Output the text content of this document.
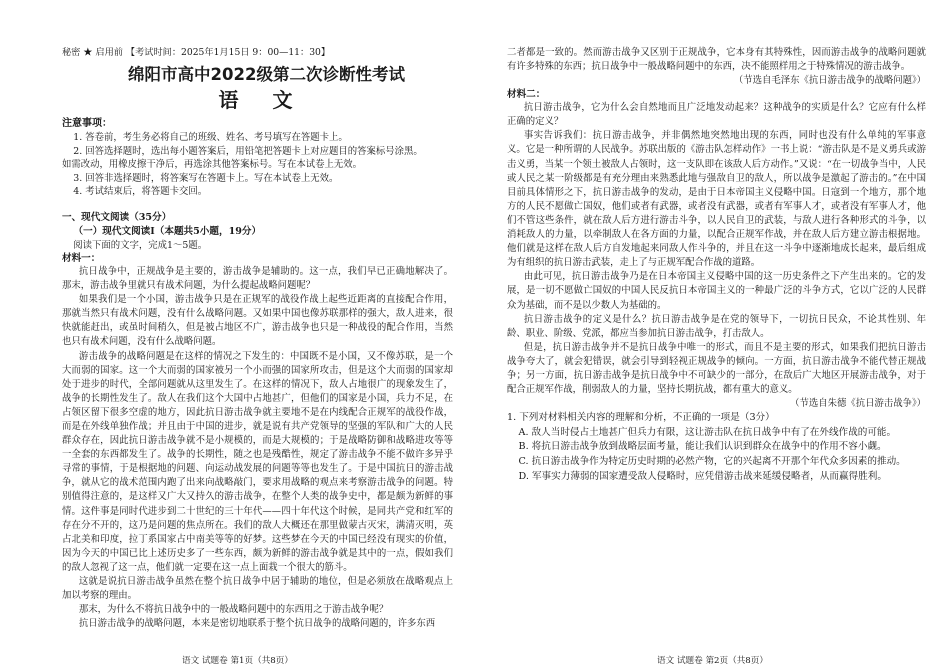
秘密 ★ 启用前 【考试时间：2025年1月15日 9：00—11：30】
绵阳市高中2022级第二次诊断性考试
语文
注意事项：

1. 答卷前，考生务必将自己的班级、姓名、考号填写在答题卡上。

2. 回答选择题时，选出每小题答案后，用铅笔把答题卡上对应题目的答案标号涂黑。

如需改动，用橡皮擦干净后，再选涂其他答案标号。写在本试卷上无效。

3. 回答非选择题时，将答案写在答题卡上。写在本试卷上无效。

4. 考试结束后，将答题卡交回。

一、现代文阅读（35分）
（一）现代文阅读Ⅰ（本题共5小题，19分）
阅读下面的文字，完成1～5题。
材料一：

抗日战争中，正规战争是主要的，游击战争是辅助的。这一点，我们早已正确地解决了。那末，游击战争里就只有战术问题，为什么提起战略问题呢？

如果我们是一个小国，游击战争只是在正规军的战役作战上起些近距离的直接配合作用，那就当然只有战术问题，没有什么战略问题。又如果中国也像苏联那样的强大，敌人进来，很快就能赶出，或虽时间稍久，但是被占地区不广，游击战争也只是一种战役的配合作用，当然也只有战术问题，没有什么战略问题。

游击战争的战略问题是在这样的情况之下发生的：中国既不是小国，又不像苏联，是一个大而弱的国家。这一个大而弱的国家被另一个小而强的国家所攻击，但是这个大而弱的国家却处于进步的时代，全部问题就从这里发生了。在这样的情况下，敌人占地很广的现象发生了，战争的长期性发生了。敌人在我们这个大国中占地甚广，但他们的国家是小国，兵力不足，在占领区留下很多空虚的地方，因此抗日游击战争就主要地不是在内线配合正规军的战役作战，而是在外线单独作战；并且由于中国的进步，就是说有共产党领导的坚强的军队和广大的人民群众存在，因此抗日游击战争就不是小规模的，而是大规模的；于是战略防御和战略进攻等等一全套的东西都发生了。战争的长期性，随之也是残酷性，规定了游击战争不能不做许多异乎寻常的事情，于是根据地的问题、向运动战发展的问题等等也发生了。于是中国抗日的游击战争，就从它的战术范围内跑了出来向战略敲门，要求用战略的观点来考察游击战争的问题。特别值得注意的，是这样又广大又持久的游击战争，在整个人类的战争史中，都是颇为新鲜的事情。这件事是同时代进步到二十世纪的三十年代——四十年代这个时候，是同共产党和红军的存在分不开的，这乃是问题的焦点所在。我们的敌人大概还在那里做蒙古灭宋，满清灭明，英占北美和印度，拉丁系国家占中南美等等的好梦。这些梦在今天的中国已经没有现实的价值，因为今天的中国已比上述历史多了一些东西，颇为新鲜的游击战争就是其中的一点，假如我们的敌人忽视了这一点，他们就一定要在这一点上面栽一个很大的筋斗。

这就是说抗日游击战争虽然在整个抗日战争中居于辅助的地位，但是必须放在战略观点上加以考察的理由。

那末，为什么不将抗日战争中的一般战略问题中的东西用之于游击战争呢？

抗日游击战争的战略问题，本来是密切地联系于整个抗日战争的战略问题的，许多东西

语文 试题卷 第1页（共8页）

二者都是一致的。然而游击战争又区别于正规战争，它本身有其特殊性，因而游击战争的战略问题就有许多特殊的东西；抗日战争中一般战略问题中的东西，决不能照样用之于特殊情况的游击战争。

（节选自毛泽东《抗日游击战争的战略问题》）

材料二：

抗日游击战争，它为什么会自然地而且广泛地发动起来？这种战争的实质是什么？它应有什么样正确的定义？

事实告诉我们：抗日游击战争，并非偶然地突然地出现的东西，同时也没有什么单纯的军事意义。它是一种所谓的人民战争。苏联出版的《游击队怎样动作》一书上说：“游击队是不是义勇兵或游击义勇，当某一个领土被敌人占领时，这一支队即在该敌人后方动作。”又说：“在一切战争当中，人民或人民之某一阶级都是有充分理由来熟悉此地与强敌自卫的敌人，所以战争是激起了游击的。”在中国目前具体情形之下，抗日游击战争的发动，是由于日本帝国主义侵略中国。日寇到一个地方，那个地方的人民不愿做亡国奴，他们或者有武器，或者没有武器，或者有军事人才，或者没有军事人才，他们不管这些条件，就在敌人后方进行游击斗争，以人民自卫的武装，与敌人进行各种形式的斗争，以消耗敌人的力量，以牵制敌人在各方面的力量，以配合正规军作战，并在敌人后方建立游击根据地。他们就是这样在敌人后方自发地起来同敌人作斗争的，并且在这一斗争中逐渐地成长起来，最后组成为有组织的抗日游击武装，走上了与正规军配合作战的道路。

由此可见，抗日游击战争乃是在日本帝国主义侵略中国的这一历史条件之下产生出来的。它的发展，是一切不愿做亡国奴的中国人民反抗日本帝国主义的一种最广泛的斗争方式，它以广泛的人民群众为基础，而不是以少数人为基础的。

抗日游击战争的定义是什么？抗日游击战争是在党的领导下，一切抗日民众，不论其性别、年龄、职业、阶级、党派，都应当参加抗日游击战争，打击敌人。

但是，抗日游击战争并不是抗日战争中唯一的形式，而且不是主要的形式，如果我们把抗日游击战争夸大了，就会犯错误，就会引导到轻视正规战争的倾向。一方面，抗日游击战争不能代替正规战争；另一方面，抗日游击战争是抗日战争中不可缺少的一部分，在敌后广大地区开展游击战争，对于配合正规军作战，削弱敌人的力量，坚持长期抗战，都有重大的意义。

（节选自朱德《抗日游击战争》）

1. 下列对材料相关内容的理解和分析，不正确的一项是（3分）

A. 敌人当时侵占土地甚广但兵力有限，这让游击队在抗日战争中有了在外线作战的可能。

B. 将抗日游击战争放到战略层面考量，能让我们认识到群众在战争中的作用不容小觑。

C. 抗日游击战争作为特定历史时期的必然产物，它的兴起离不开那个年代众多因素的推动。

D. 军事实力薄弱的国家遭受敌人侵略时，应凭借游击战来延缓侵略者，从而赢得胜利。

语文 试题卷 第2页（共8页）
